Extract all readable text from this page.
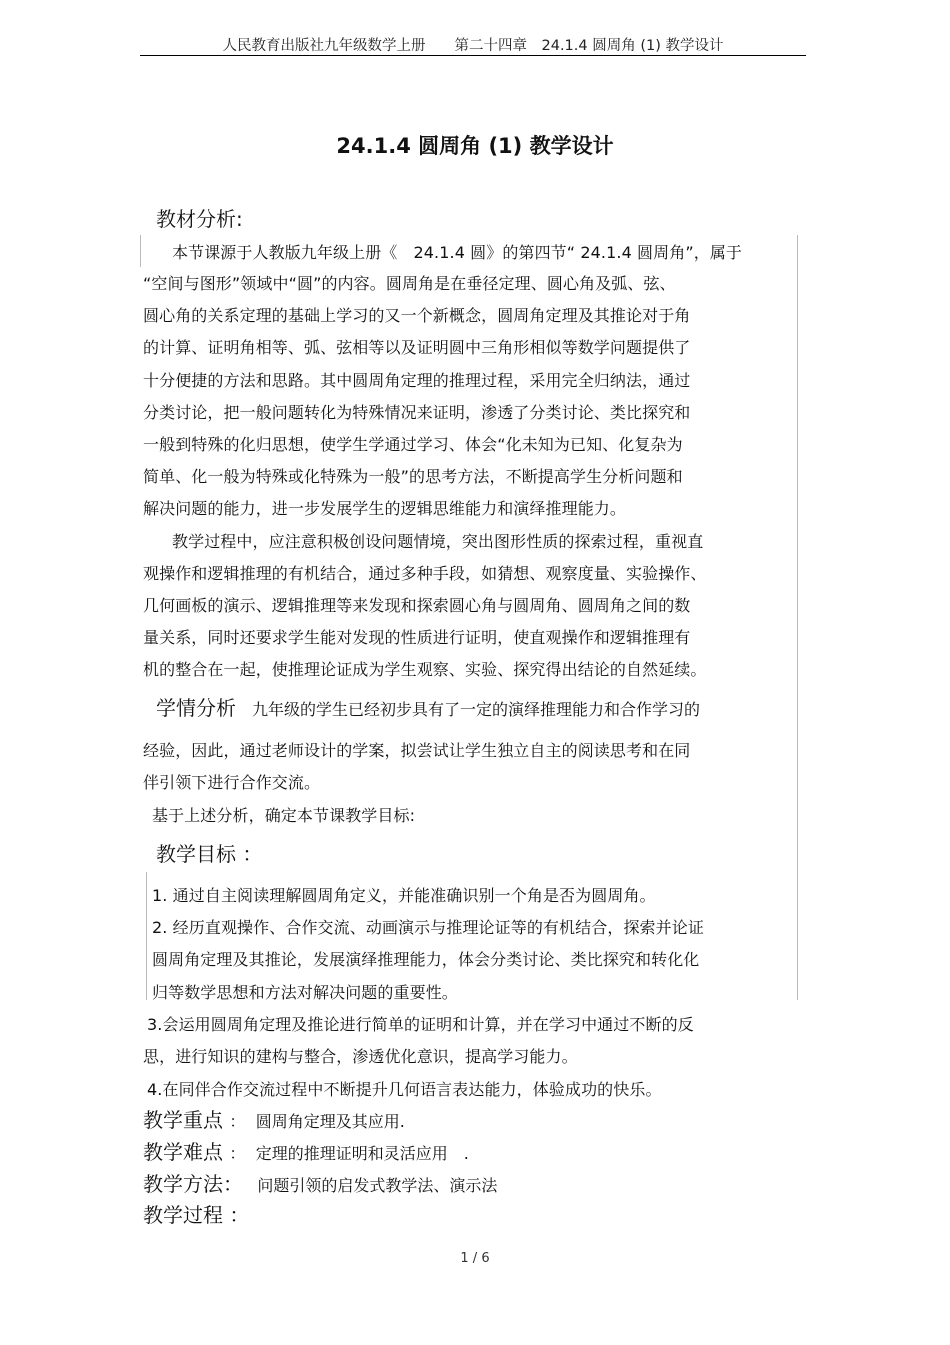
人民教育出版社九年级数学上册　　 第二十四章　24.1.4 圆周角 (1) 教学设计
24.1.4 圆周角 (1) 教学设计
教材分析:
本节课源于人教版九年级上册《　24.1.4 圆》的第四节“ 24.1.4 圆周角”，属于
“空间与图形”领域中“圆”的内容。圆周角是在垂径定理、圆心角及弧、弦、
圆心角的关系定理的基础上学习的又一个新概念，圆周角定理及其推论对于角
的计算、证明角相等、弧、弦相等以及证明圆中三角形相似等数学问题提供了
十分便捷的方法和思路。其中圆周角定理的推理过程，采用完全归纳法，通过
分类讨论，把一般问题转化为特殊情况来证明，渗透了分类讨论、类比探究和
一般到特殊的化归思想，使学生学通过学习、体会“化未知为已知、化复杂为
简单、化一般为特殊或化特殊为一般”的思考方法，不断提高学生分析问题和
解决问题的能力，进一步发展学生的逻辑思维能力和演绎推理能力。
教学过程中，应注意积极创设问题情境，突出图形性质的探索过程，重视直
观操作和逻辑推理的有机结合，通过多种手段，如猜想、观察度量、实验操作、
几何画板的演示、逻辑推理等来发现和探索圆心角与圆周角、圆周角之间的数
量关系，同时还要求学生能对发现的性质进行证明，使直观操作和逻辑推理有
机的整合在一起，使推理论证成为学生观察、实验、探究得出结论的自然延续。
学情分析 九年级的学生已经初步具有了一定的演绎推理能力和合作学习的
经验，因此，通过老师设计的学案，拟尝试让学生独立自主的阅读思考和在同
伴引领下进行合作交流。
基于上述分析，确定本节课教学目标:
教学目标 ：
1. 通过自主阅读理解圆周角定义，并能准确识别一个角是否为圆周角。
2. 经历直观操作、合作交流、动画演示与推理论证等的有机结合，探索并论证
圆周角定理及其推论，发展演绎推理能力，体会分类讨论、类比探究和转化化
归等数学思想和方法对解决问题的重要性。
3.会运用圆周角定理及推论进行简单的证明和计算，并在学习中通过不断的反
思，进行知识的建构与整合，渗透优化意识，提高学习能力。
4.在同伴合作交流过程中不断提升几何语言表达能力，体验成功的快乐。
教学重点 ： 圆周角定理及其应用.
教学难点 ： 定理的推理证明和灵活应用　.
教学方法： 问题引领的启发式教学法、演示法
教学过程 ：
1 / 6
